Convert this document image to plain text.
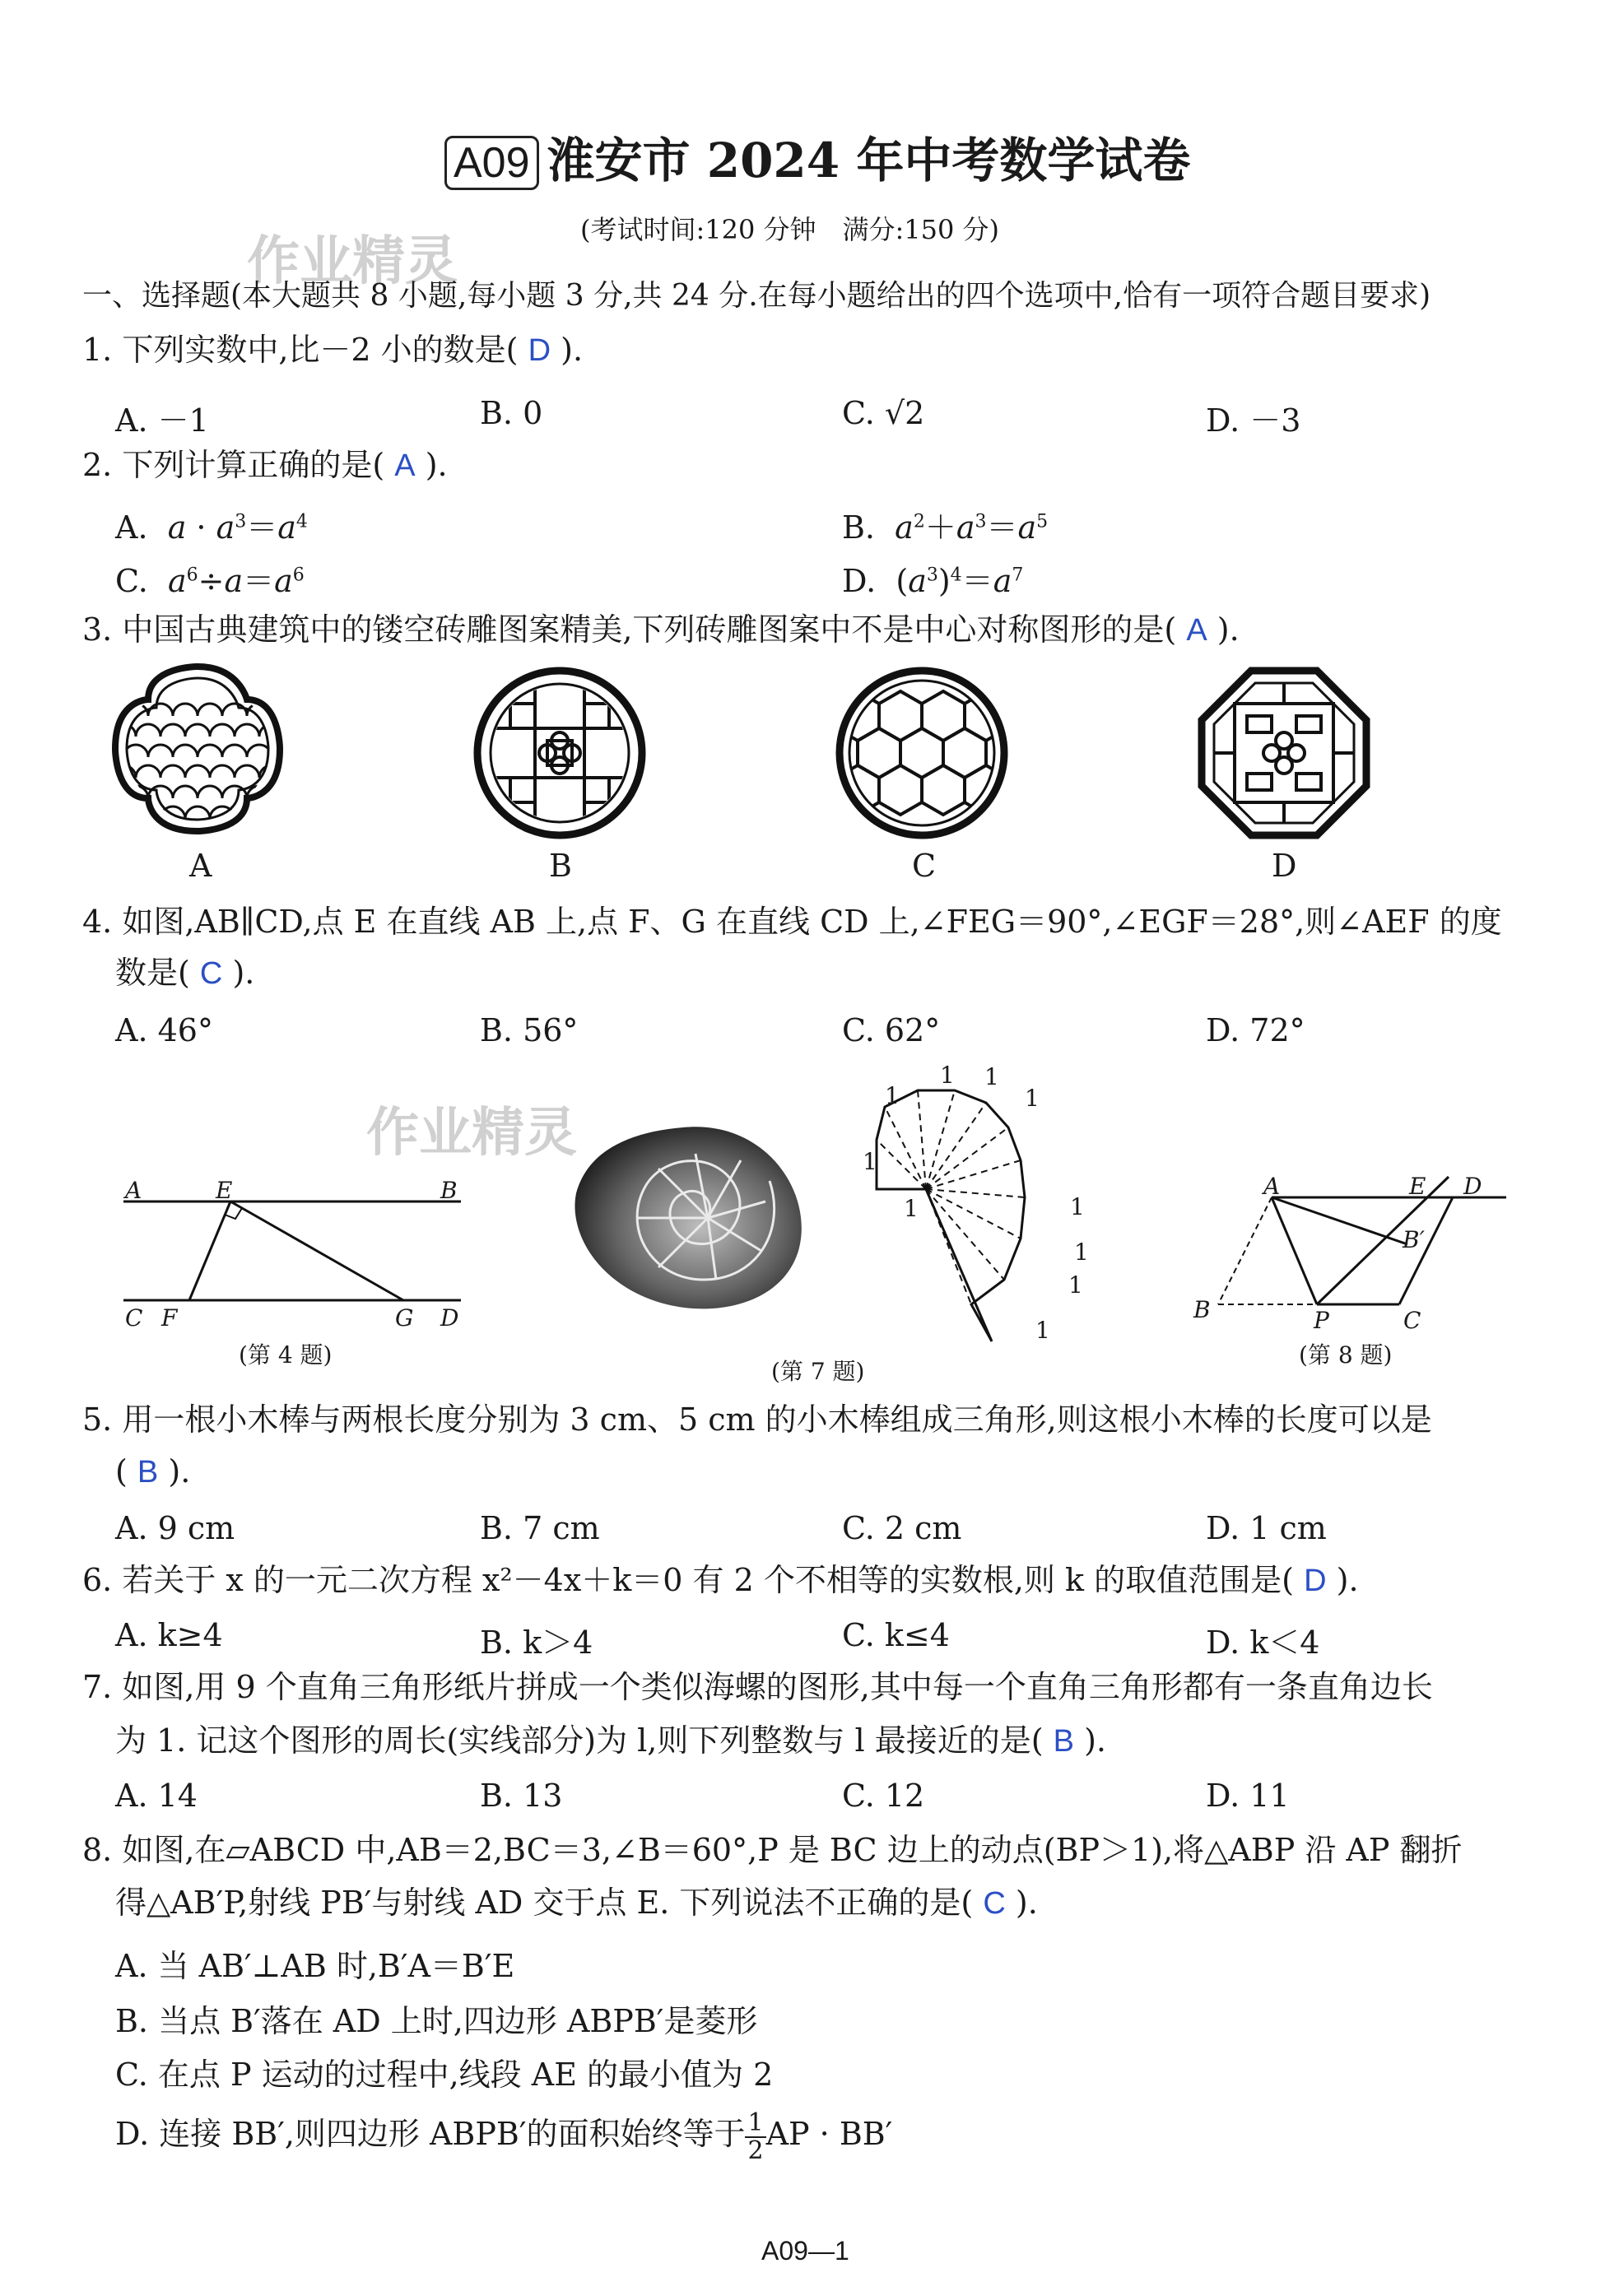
A09 淮安市 2024 年中考数学试卷
(考试时间:120 分钟　满分:150 分)
作业精灵
一、选择题(本大题共 8 小题,每小题 3 分,共 24 分.在每小题给出的四个选项中,恰有一项符合题目要求)
1. 下列实数中,比－2 小的数是( D ).
A. －1	B. 0	C. √2	D. －3
2. 下列计算正确的是( A ).
A.  $a \cdot a^3=a^4$	B.  $a^2+a^3=a^5$
C.  $a^6\div a=a^6$	D.  $(a^3)^4=a^7$
3. 中国古典建筑中的镂空砖雕图案精美,下列砖雕图案中不是中心对称图形的是( A ).
A	B	C	D
4. 如图,AB∥CD,点 E 在直线 AB 上,点 F、G 在直线 CD 上,∠FEG＝90°,∠EGF＝28°,则∠AEF 的度
数是( C ).
A. 46°	B. 56°	C. 62°	D. 72°
作业精灵
A	E	B
C F	G D
(第 4 题)
1
1 1
1
1
1	1
1
1
1
(第 7 题)
A	E D
B′
B	P	C
(第 8 题)
5. 用一根小木棒与两根长度分别为 3 cm、5 cm 的小木棒组成三角形,则这根小木棒的长度可以是
( B ).
A. 9 cm	B. 7 cm	C. 2 cm	D. 1 cm
6. 若关于 x 的一元二次方程 x²－4x＋k＝0 有 2 个不相等的实数根,则 k 的取值范围是( D ).
A. k≥4	B. k＞4	C. k≤4	D. k＜4
7. 如图,用 9 个直角三角形纸片拼成一个类似海螺的图形,其中每一个直角三角形都有一条直角边长
为 1. 记这个图形的周长(实线部分)为 l,则下列整数与 l 最接近的是( B ).
A. 14	B. 13	C. 12	D. 11
8. 如图,在▱ABCD 中,AB＝2,BC＝3,∠B＝60°,P 是 BC 边上的动点(BP＞1),将△ABP 沿 AP 翻折
得△AB′P,射线 PB′与射线 AD 交于点 E. 下列说法不正确的是( C ).
A. 当 AB′⊥AB 时,B′A＝B′E
B. 当点 B′落在 AD 上时,四边形 ABPB′是菱形
C. 在点 P 运动的过程中,线段 AE 的最小值为 2
D. 连接 BB′,则四边形 ABPB′的面积始终等于 $\frac{1}{2}$ AP · BB′
A09—1
